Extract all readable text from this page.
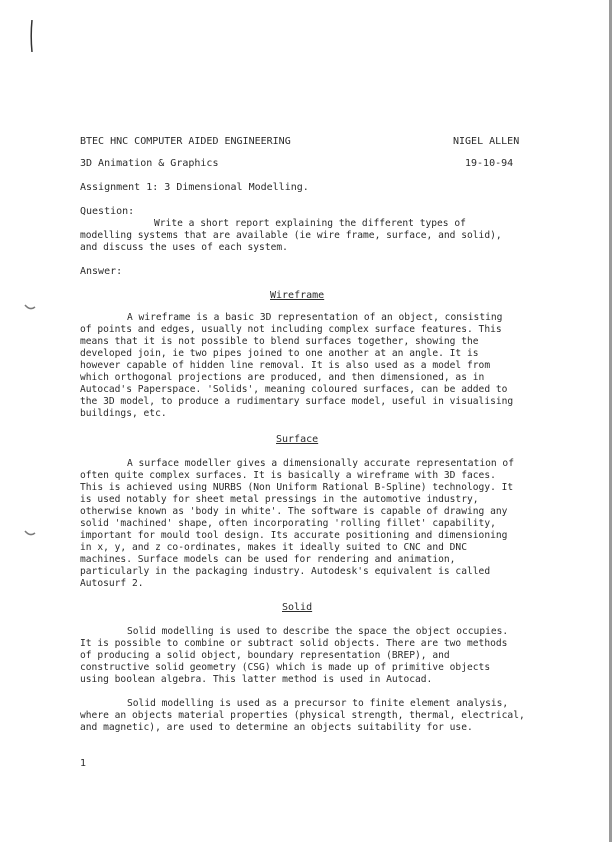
BTEC HNC COMPUTER AIDED ENGINEERING	NIGEL ALLEN
3D Animation & Graphics	19-10-94
Assignment 1: 3 Dimensional Modelling.
Question:
Write a short report explaining the different types of
modelling systems that are available (ie wire frame, surface, and solid),
and discuss the uses of each system.
Answer:
Wireframe
A wireframe is a basic 3D representation of an object, consisting
of points and edges, usually not including complex surface features. This
means that it is not possible to blend surfaces together, showing the
developed join, ie two pipes joined to one another at an angle. It is
however capable of hidden line removal. It is also used as a model from
which orthogonal projections are produced, and then dimensioned, as in
Autocad's Paperspace. 'Solids', meaning coloured surfaces, can be added to
the 3D model, to produce a rudimentary surface model, useful in visualising
buildings, etc.
Surface
A surface modeller gives a dimensionally accurate representation of
often quite complex surfaces. It is basically a wireframe with 3D faces.
This is achieved using NURBS (Non Uniform Rational B-Spline) technology. It
is used notably for sheet metal pressings in the automotive industry,
otherwise known as 'body in white'. The software is capable of drawing any
solid 'machined' shape, often incorporating 'rolling fillet' capability,
important for mould tool design. Its accurate positioning and dimensioning
in x, y, and z co-ordinates, makes it ideally suited to CNC and DNC
machines. Surface models can be used for rendering and animation,
particularly in the packaging industry. Autodesk's equivalent is called
Autosurf 2.
Solid
Solid modelling is used to describe the space the object occupies.
It is possible to combine or subtract solid objects. There are two methods
of producing a solid object, boundary representation (BREP), and
constructive solid geometry (CSG) which is made up of primitive objects
using boolean algebra. This latter method is used in Autocad.
Solid modelling is used as a precursor to finite element analysis,
where an objects material properties (physical strength, thermal, electrical,
and magnetic), are used to determine an objects suitability for use.
1
